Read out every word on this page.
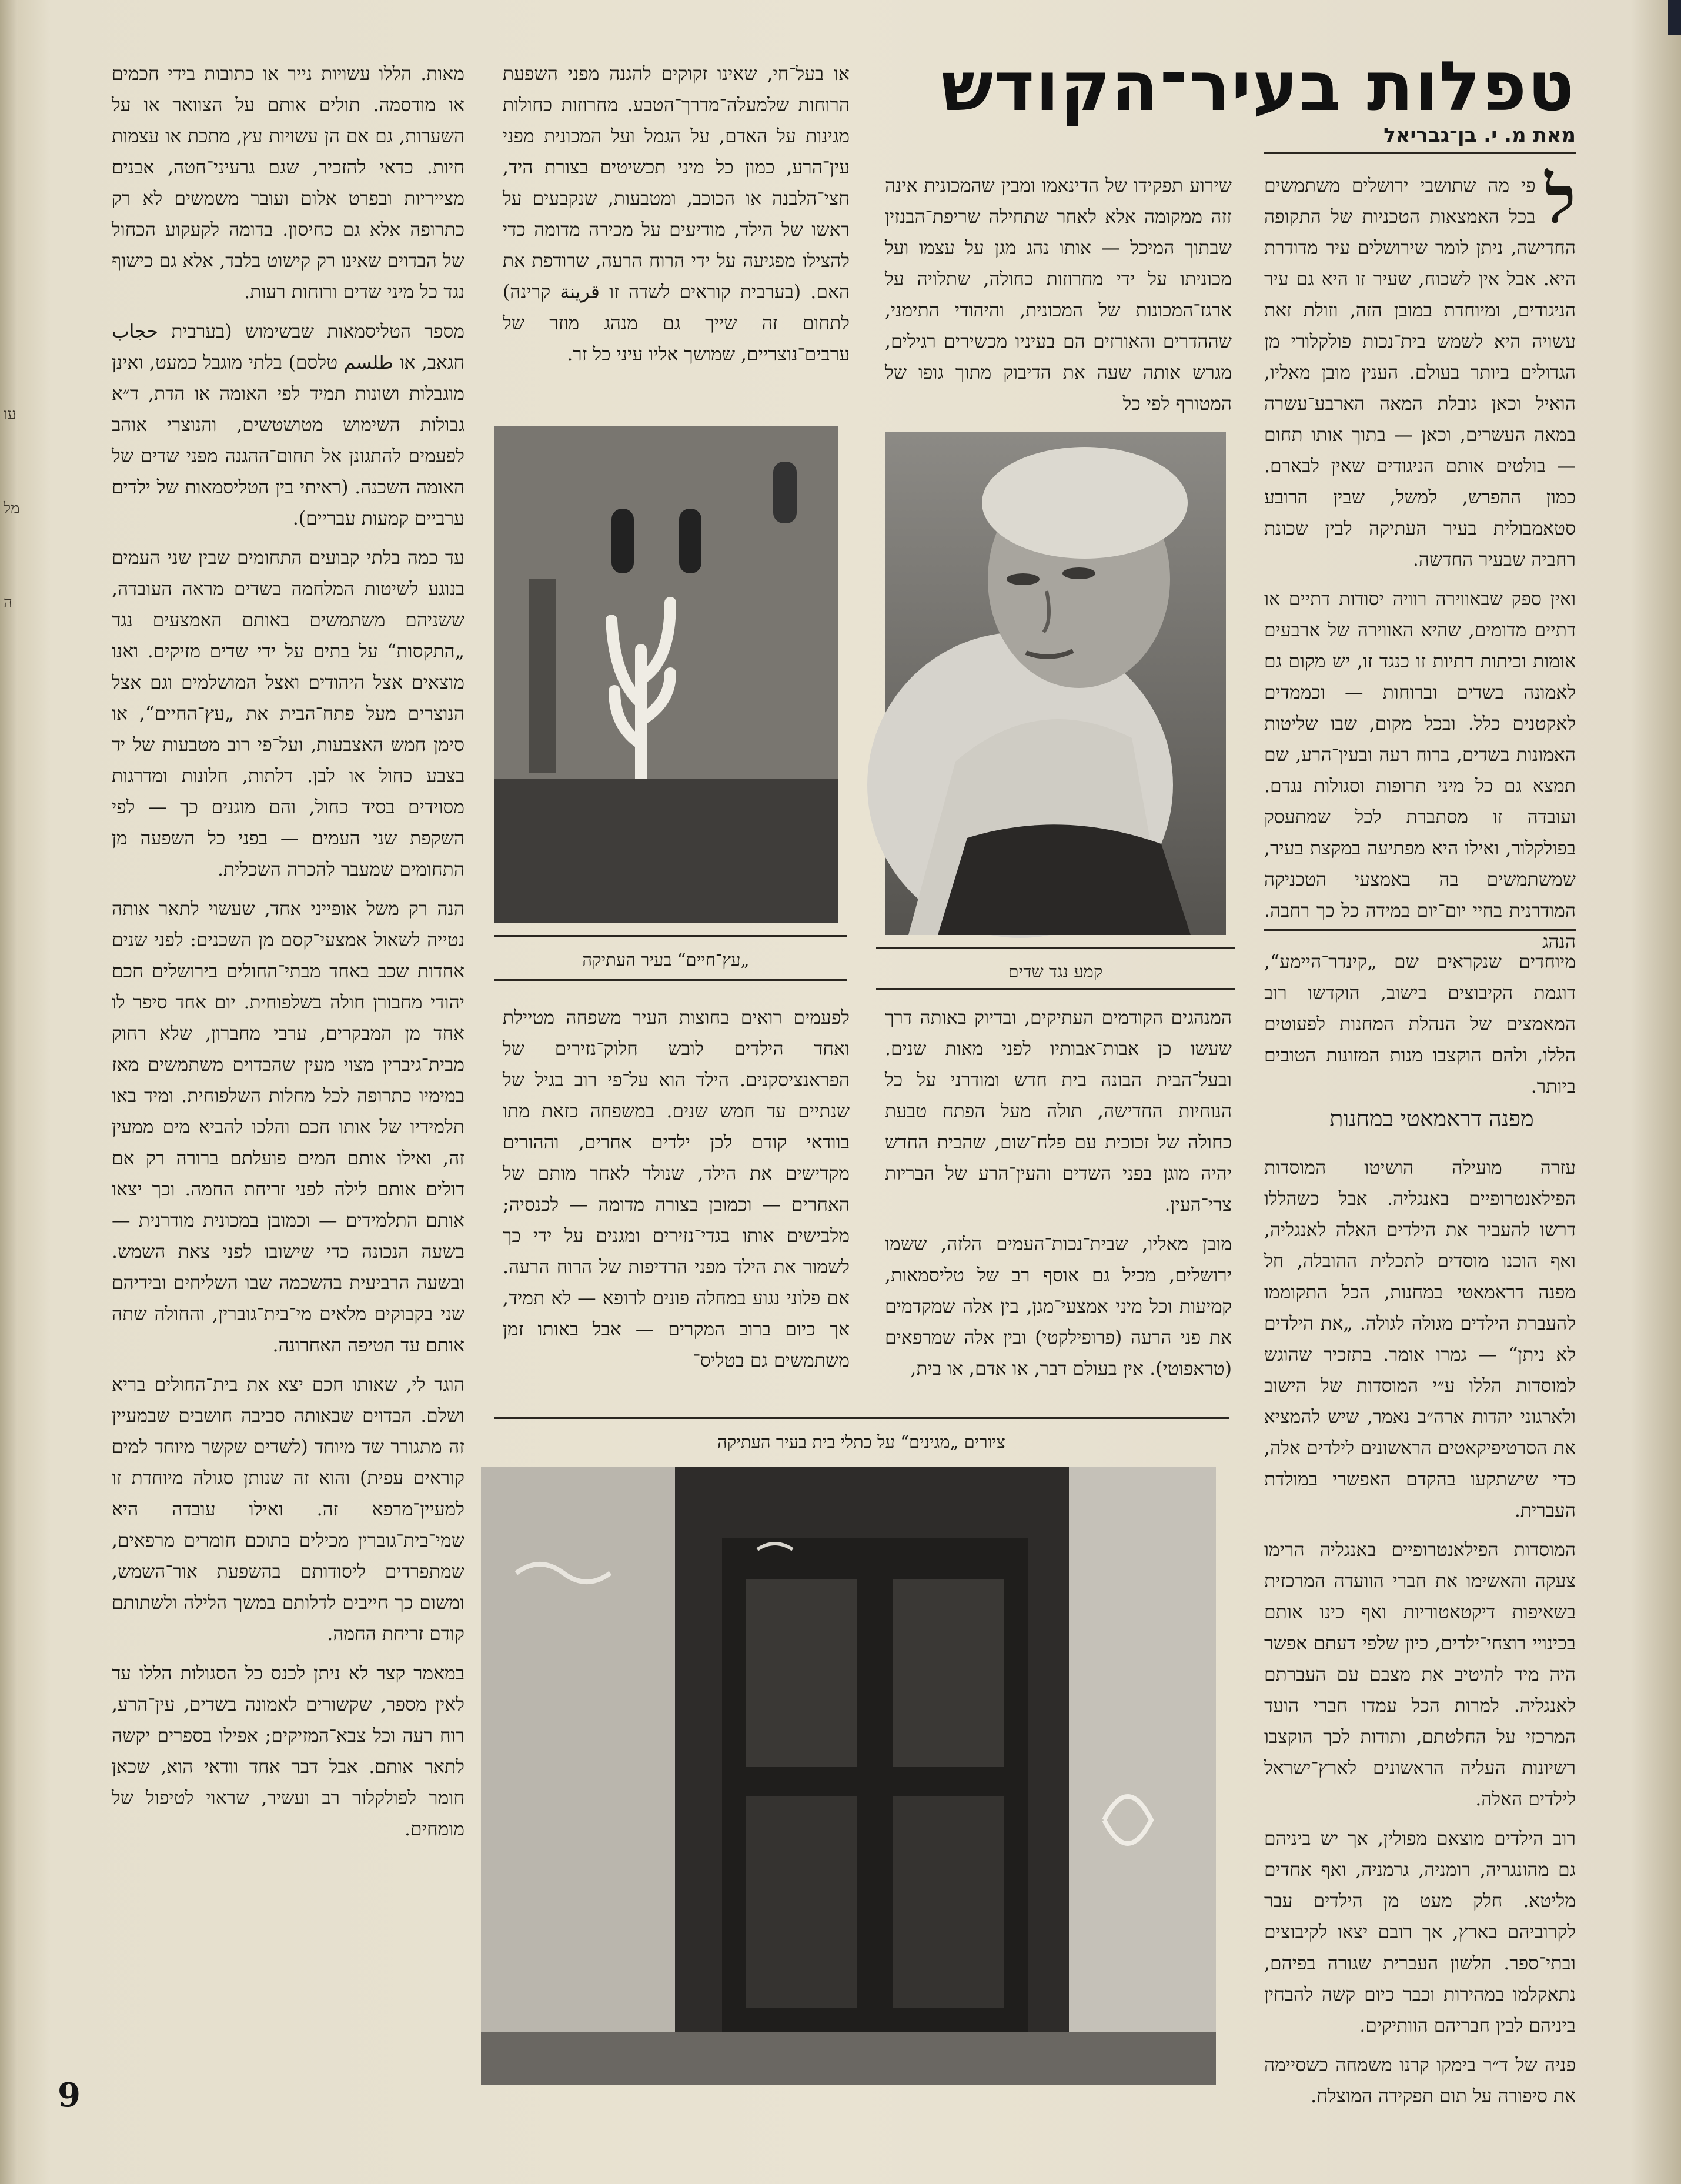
עו
מל
ה
טפלות בעיר־הקודש
מאת מ. י. בן־גבריאל

ל
פי מה שתושבי ירושלים משתמשים בכל האמצאות הטכניות של התקופה החדישה, ניתן לומר שירושלים עיר מדודרת היא. אבל אין לשכוח, שעיר זו היא גם עיר הניגודים, ומיוחדת במובן הזה, וזולת זאת עשויה היא לשמש בית־נכות פולקלורי מן הגדולים ביותר בעולם. הענין מובן מאליו, הואיל וכאן גובלת המאה הארבע־עשרה במאה העשרים, וכאן — בתוך אותו תחום — בולטים אותם הניגודים שאין לבארם. כמון ההפרש, למשל, שבין הרובע סטאמבולית בעיר העתיקה לבין שכונת רחביה שבעיר החדשה.

ואין ספק שבאווירה רוויה יסודות דתיים או דתיים מדומים, שהיא האווירה של ארבעים אומות וכיתות דתיות זו כנגד זו, יש מקום גם לאמונה בשדים וברוחות — וכממדים לאקטנים כלל. ובכל מקום, שבו שליטות האמונות בשדים, ברוח רעה ובעין־הרע, שם תמצא גם כל מיני תרופות וסגולות נגדם. ועובדה זו מסתברת לכל שמתעסק בפולקלור, ואילו היא מפתיעה במקצת בעיר, שמשתמשים בה באמצעי הטכניקה המודרנית בחיי יום־יום במידה כל כך רחבה. הנהג

מיוחדים שנקראים שם „קינדר־היימע“, דוגמת הקיבוצים בישוב, הוקדשו רוב המאמצים של הנהלת המחנות לפעוטים הללו, ולהם הוקצבו מנות המזונות הטובים ביותר.

מפנה דראמאטי במחנות

עזרה מועילה הושיטו המוסדות הפילאנטרופיים באנגליה. אבל כשהללו דרשו להעביר את הילדים האלה לאנגליה, ואף הוכנו מוסדים לתכלית ההובלה, חל מפנה דראמאטי במחנות, הכל התקוממו להעברת הילדים מגולה לגולה. „את הילדים לא ניתן“ — גמרו אומר. בתזכיר שהוגש למוסדות הללו ע״י המוסדות של הישוב ולארגוני יהדות ארה״ב נאמר, שיש להמציא את הסרטיפיקאטים הראשונים לילדים אלה, כדי שישתקעו בהקדם האפשרי במולדת העברית.

המוסדות הפילאנטרופיים באנגליה הרימו צעקה והאשימו את חברי הוועדה המרכזית בשאיפות דיקטאטוריות ואף כינו אותם בכינויי רוצחי־ילדים, כיון שלפי דעתם אפשר היה מיד להיטיב את מצבם עם העברתם לאנגליה. למרות הכל עמדו חברי הועד המרכזי על החלטתם, ותודות לכך הוקצבו רשיונות העליה הראשונים לארץ־ישראל לילדים האלה.

רוב הילדים מוצאם מפולין, אך יש ביניהם גם מהונגריה, רומניה, גרמניה, ואף אחדים מליטא. חלק מעט מן הילדים עבר לקרוביהם בארץ, אך רובם יצאו לקיבוצים ובתי־ספר. הלשון העברית שגורה בפיהם, נתאקלמו במהירות וכבר כיום קשה להבחין ביניהם לבין חבריהם הוותיקים.

פניה של ד״ר בימקו קרנו משמחה כשסיימה את סיפורה על תום תפקידה המוצלח.

שירוע תפקידו של הדינאמו ומבין שהמכונית אינה זזה ממקומה אלא לאחר שתחילה שריפת־הבנזין שבתוך המיכל — אותו נהג מגן על עצמו ועל מכוניתו על ידי מחרוזות כחולה, שתלויה על ארגז־המכונות של המכונית, והיהודי התימני, שההדרים והאורזים הם בעיניו מכשירים רגילים, מגרש אותה שעה את הדיבוק מתוך גופו של המטורף לפי כל

קמע נגד שדים

המנהגים הקודמים העתיקים, ובדיוק באותה דרך שעשו כן אבות־אבותיו לפני מאות שנים. ובעל־הבית הבונה בית חדש ומודרני על כל הנוחיות החדישה, תולה מעל הפתח טבעת כחולה של זכוכית עם פלח־שום, שהבית החדש יהיה מוגן בפני השדים והעין־הרע של הבריות צרי־העין.

מובן מאליו, שבית־נכות־העמים הלזה, ששמו ירושלים, מכיל גם אוסף רב של טליסמאות, קמיעות וכל מיני אמצעי־מגן, בין אלה שמקדמים את פני הרעה (פרופילקטי) ובין אלה שמרפאים (טראפוטי). אין בעולם דבר, או אדם, או בית,

או בעל־חי, שאינו זקוקים להגנה מפני השפעת הרוחות שלמעלה־מדרך־הטבע. מחרוזות כחולות מגינות על האדם, על הגמל ועל המכונית מפני עין־הרע, כמון כל מיני תכשיטים בצורת היד, חצי־הלבנה או הכוכב, ומטבעות, שנקבעים על ראשו של הילד, מודיעים על מכירה מדומה כדי להצילו מפגיעה על ידי הרוח הרעה, שרודפת את האם. (בערבית קוראים לשדה זו قرينة קרינה) לתחום זה שייך גם מנהג מוזר של ערבים־נוצריים, שמושך אליו עיני כל זר.

„עץ־חיים“ בעיר העתיקה

לפעמים רואים בחוצות העיר משפחה מטיילת ואחד הילדים לובש חלוק־נזירים של הפראנציסקנים. הילד הוא על־פי רוב בגיל של שנתיים עד חמש שנים. במשפחה כזאת מתו בוודאי קודם לכן ילדים אחרים, וההורים מקדישים את הילד, שנולד לאחר מותם של האחרים — וכמובן בצורה מדומה — לכנסיה; מלבישים אותו בגדי־נזירים ומגנים על ידי כך לשמור את הילד מפני הרדיפות של הרוח הרעה. אם פלוני נגוע במחלה פונים לרופא — לא תמיד, אך כיום ברוב המקרים — אבל באותו זמן משתמשים גם בטליס־

ציורים „מגינים“ על כתלי בית בעיר העתיקה

מאות. הללו עשויות נייר או כתובות בידי חכמים או מודסמה. תולים אותם על הצוואר או על השערות, גם אם הן עשויות עץ, מתכת או עצמות חיות. כדאי להזכיר, שגם גרעיני־חטה, אבנים מצייריות ובפרט אלום ועובר משמשים לא רק כתרופה אלא גם כחיסון. בדומה לקעקוע הכחול של הבדוים שאינו רק קישוט בלבד, אלא גם כישוף נגד כל מיני שדים ורוחות רעות.

מספר הטליסמאות שבשימוש (בערבית حجاب חגאב, או طلسم טלסם) בלתי מוגבל כמעט, ואינן מוגבלות ושונות תמיד לפי האומה או הדת, ד״א גבולות השימוש מטושטשים, והנוצרי אוהב לפעמים להתגונן אל תחום־ההגנה מפני שדים של האומה השכנה. (ראיתי בין הטליסמאות של ילדים ערביים קמעות עבריים).

עד כמה בלתי קבועים התחומים שבין שני העמים בנוגע לשיטות המלחמה בשדים מראה העובדה, ששניהם משתמשים באותם האמצעים נגד „התקסות“ על בתים על ידי שדים מזיקים. ואנו מוצאים אצל היהודים ואצל המושלמים וגם אצל הנוצרים מעל פתח־הבית את „עץ־החיים“, או סימן חמש האצבעות, ועל־פי רוב מטבעות של יד בצבע כחול או לבן. דלתות, חלונות ומדרגות מסוידים בסיד כחול, והם מוגנים כך — לפי השקפת שני העמים — בפני כל השפעה מן התחומים שמעבר להכרה השכלית.

הנה רק משל אופייני אחד, שעשוי לתאר אותה נטייה לשאול אמצעי־קסם מן השכנים: לפני שנים אחדות שכב באחד מבתי־החולים בירושלים חכם יהודי מחבורן חולה בשלפוחית. יום אחד סיפר לו אחד מן המבקרים, ערבי מחברון, שלא רחוק מבית־גיברין מצוי מעין שהבדוים משתמשים מאז במימיו כתרופה לכל מחלות השלפוחית. ומיד באו תלמידיו של אותו חכם והלכו להביא מים ממעין זה, ואילו אותם המים פועלתם ברורה רק אם דולים אותם לילה לפני זריחת החמה. וכך יצאו אותם התלמידים — וכמובן במכונית מודרנית — בשעה הנכונה כדי שישובו לפני צאת השמש. ובשעה הרביעית בהשכמה שבו השליחים ובידיהם שני בקבוקים מלאים מי־בית־גוברין, והחולה שתה אותם עד הטיפה האחרונה.

הוגד לי, שאותו חכם יצא את בית־החולים בריא ושלם. הבדוים שבאותה סביבה חושבים שבמעיין זה מתגורר שד מיוחד (לשדים שקשר מיוחד למים קוראים עפית) והוא זה שנותן סגולה מיוחדת זו למעיין־מרפא זה. ואילו עובדה היא שמי־בית־גוברין מכילים בתוכם חומרים מרפאים, שמתפרדים ליסודותם בהשפעת אור־השמש, ומשום כך חייבים לדלותם במשך הלילה ולשתותם קודם זריחת החמה.

במאמר קצר לא ניתן לכנס כל הסגולות הללו עד לאין מספר, שקשורים לאמונה בשדים, עין־הרע, רוח רעה וכל צבא־המזיקים; אפילו בספרים יקשה לתאר אותם. אבל דבר אחד וודאי הוא, שכאן חומר לפולקלור רב ועשיר, שראוי לטיפול של מומחים.

9
